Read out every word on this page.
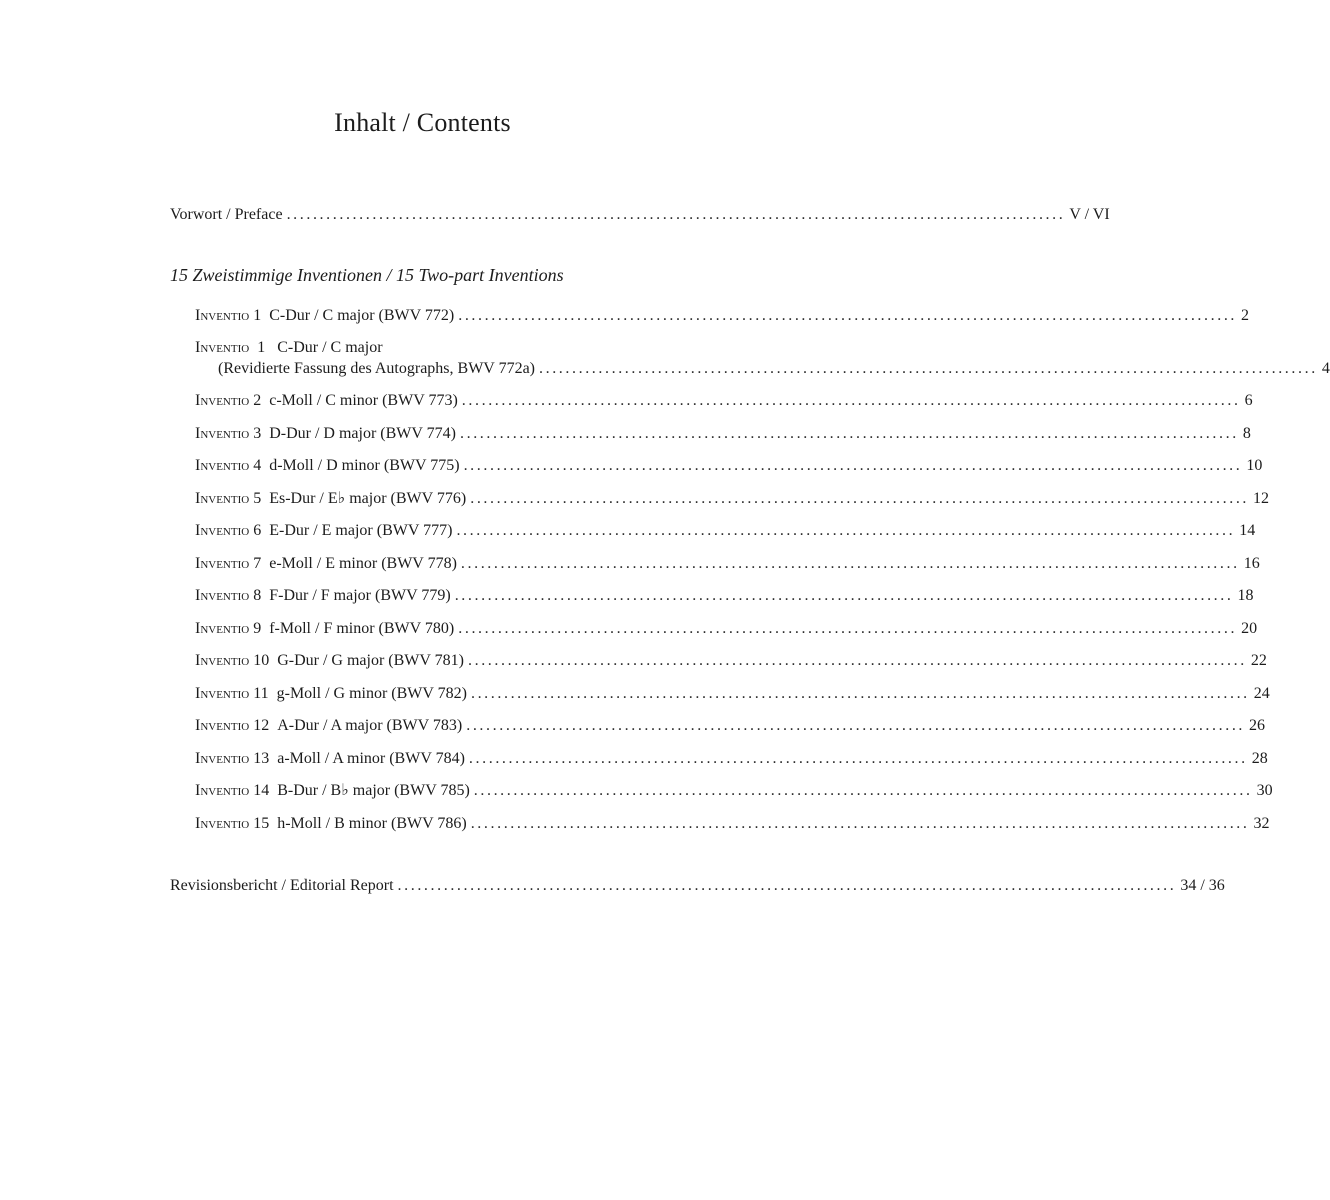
Inhalt / Contents
Vorwort / Preface ...................................................................................................................... V / VI
15 Zweistimmige Inventionen / 15 Two-part Inventions
Inventio 1 C-Dur / C major (BWV 772) ...................................................................................................................... 2
Inventio 1 C-Dur / C major
(Revidierte Fassung des Autographs, BWV 772a) ...................................................................................................................... 4
Inventio 2 c-Moll / C minor (BWV 773) ...................................................................................................................... 6
Inventio 3 D-Dur / D major (BWV 774) ...................................................................................................................... 8
Inventio 4 d-Moll / D minor (BWV 775) ...................................................................................................................... 10
Inventio 5 Es-Dur / E♭ major (BWV 776) ...................................................................................................................... 12
Inventio 6 E-Dur / E major (BWV 777) ...................................................................................................................... 14
Inventio 7 e-Moll / E minor (BWV 778) ...................................................................................................................... 16
Inventio 8 F-Dur / F major (BWV 779) ...................................................................................................................... 18
Inventio 9 f-Moll / F minor (BWV 780) ...................................................................................................................... 20
Inventio 10 G-Dur / G major (BWV 781) ...................................................................................................................... 22
Inventio 11 g-Moll / G minor (BWV 782) ...................................................................................................................... 24
Inventio 12 A-Dur / A major (BWV 783) ...................................................................................................................... 26
Inventio 13 a-Moll / A minor (BWV 784) ...................................................................................................................... 28
Inventio 14 B-Dur / B♭ major (BWV 785) ...................................................................................................................... 30
Inventio 15 h-Moll / B minor (BWV 786) ...................................................................................................................... 32
Revisionsbericht / Editorial Report ...................................................................................................................... 34 / 36
